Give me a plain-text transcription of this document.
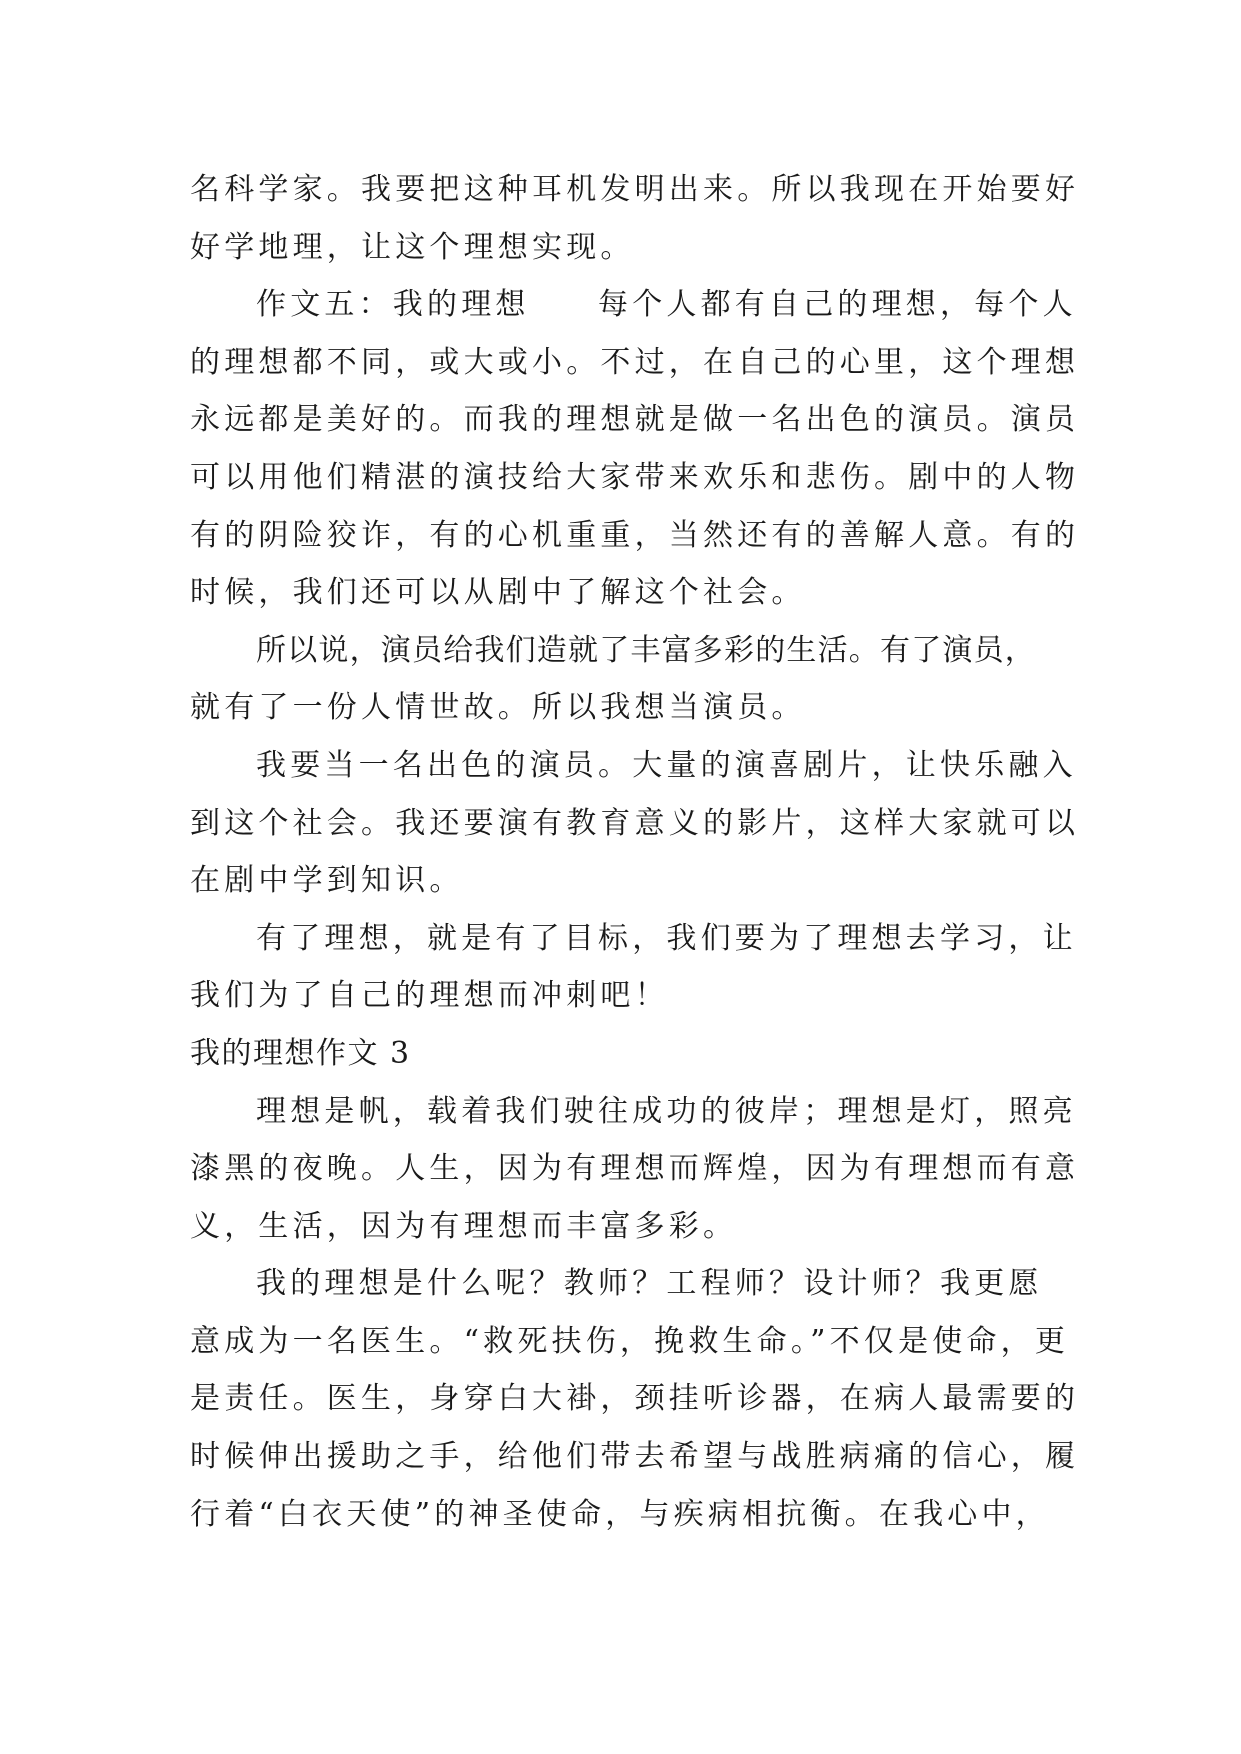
名科学家。我要把这种耳机发明出来。所以我现在开始要好
好学地理，让这个理想实现。
作文五：我的理想　　每个人都有自己的理想，每个人
的理想都不同，或大或小。不过，在自己的心里，这个理想
永远都是美好的。而我的理想就是做一名出色的演员。演员
可以用他们精湛的演技给大家带来欢乐和悲伤。剧中的人物
有的阴险狡诈，有的心机重重，当然还有的善解人意。有的
时候，我们还可以从剧中了解这个社会。
所以说，演员给我们造就了丰富多彩的生活。有了演员，
就有了一份人情世故。所以我想当演员。
我要当一名出色的演员。大量的演喜剧片，让快乐融入
到这个社会。我还要演有教育意义的影片，这样大家就可以
在剧中学到知识。
有了理想，就是有了目标，我们要为了理想去学习，让
我们为了自己的理想而冲刺吧！
我的理想作文 3
理想是帆，载着我们驶往成功的彼岸；理想是灯，照亮
漆黑的夜晚。人生，因为有理想而辉煌，因为有理想而有意
义，生活，因为有理想而丰富多彩。
我的理想是什么呢？教师？工程师？设计师？我更愿
意成为一名医生。“救死扶伤，挽救生命。”不仅是使命，更
是责任。医生，身穿白大褂，颈挂听诊器，在病人最需要的
时候伸出援助之手，给他们带去希望与战胜病痛的信心，履
行着“白衣天使”的神圣使命，与疾病相抗衡。在我心中，
